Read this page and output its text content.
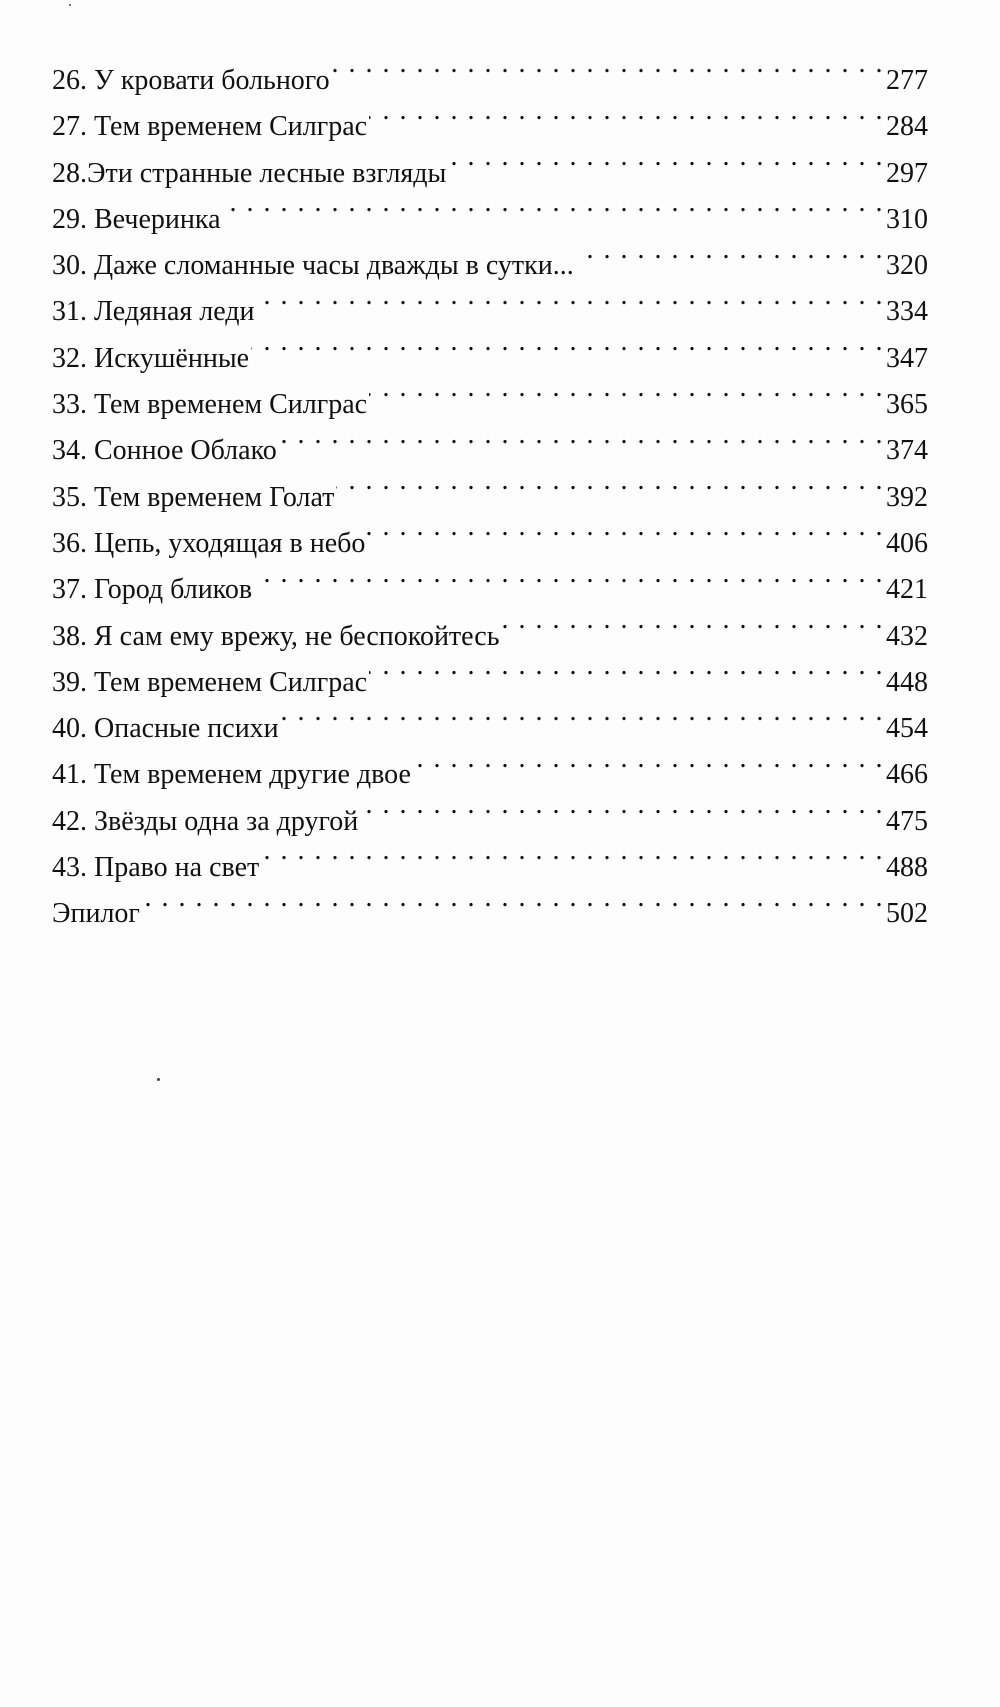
26. У кровати больного . . .	277
27. Тем временем Силграс . . .	284
28.Эти странные лесные взгляды . . .	297
29. Вечеринка . . .	310
30. Даже сломанные часы дважды в сутки... . . .	320
31. Ледяная леди . . .	334
32. Искушённые . . .	347
33. Тем временем Силграс . . .	365
34. Сонное Облако . . .	374
35. Тем временем Голат . . .	392
36. Цепь, уходящая в небо . . .	406
37. Город бликов . . .	421
38. Я сам ему врежу, не беспокойтесь . . .	432
39. Тем временем Силграс . . .	448
40. Опасные психи . . .	454
41. Тем временем другие двое . . .	466
42. Звёзды одна за другой . . .	475
43. Право на свет . . .	488
Эпилог . . .	502
